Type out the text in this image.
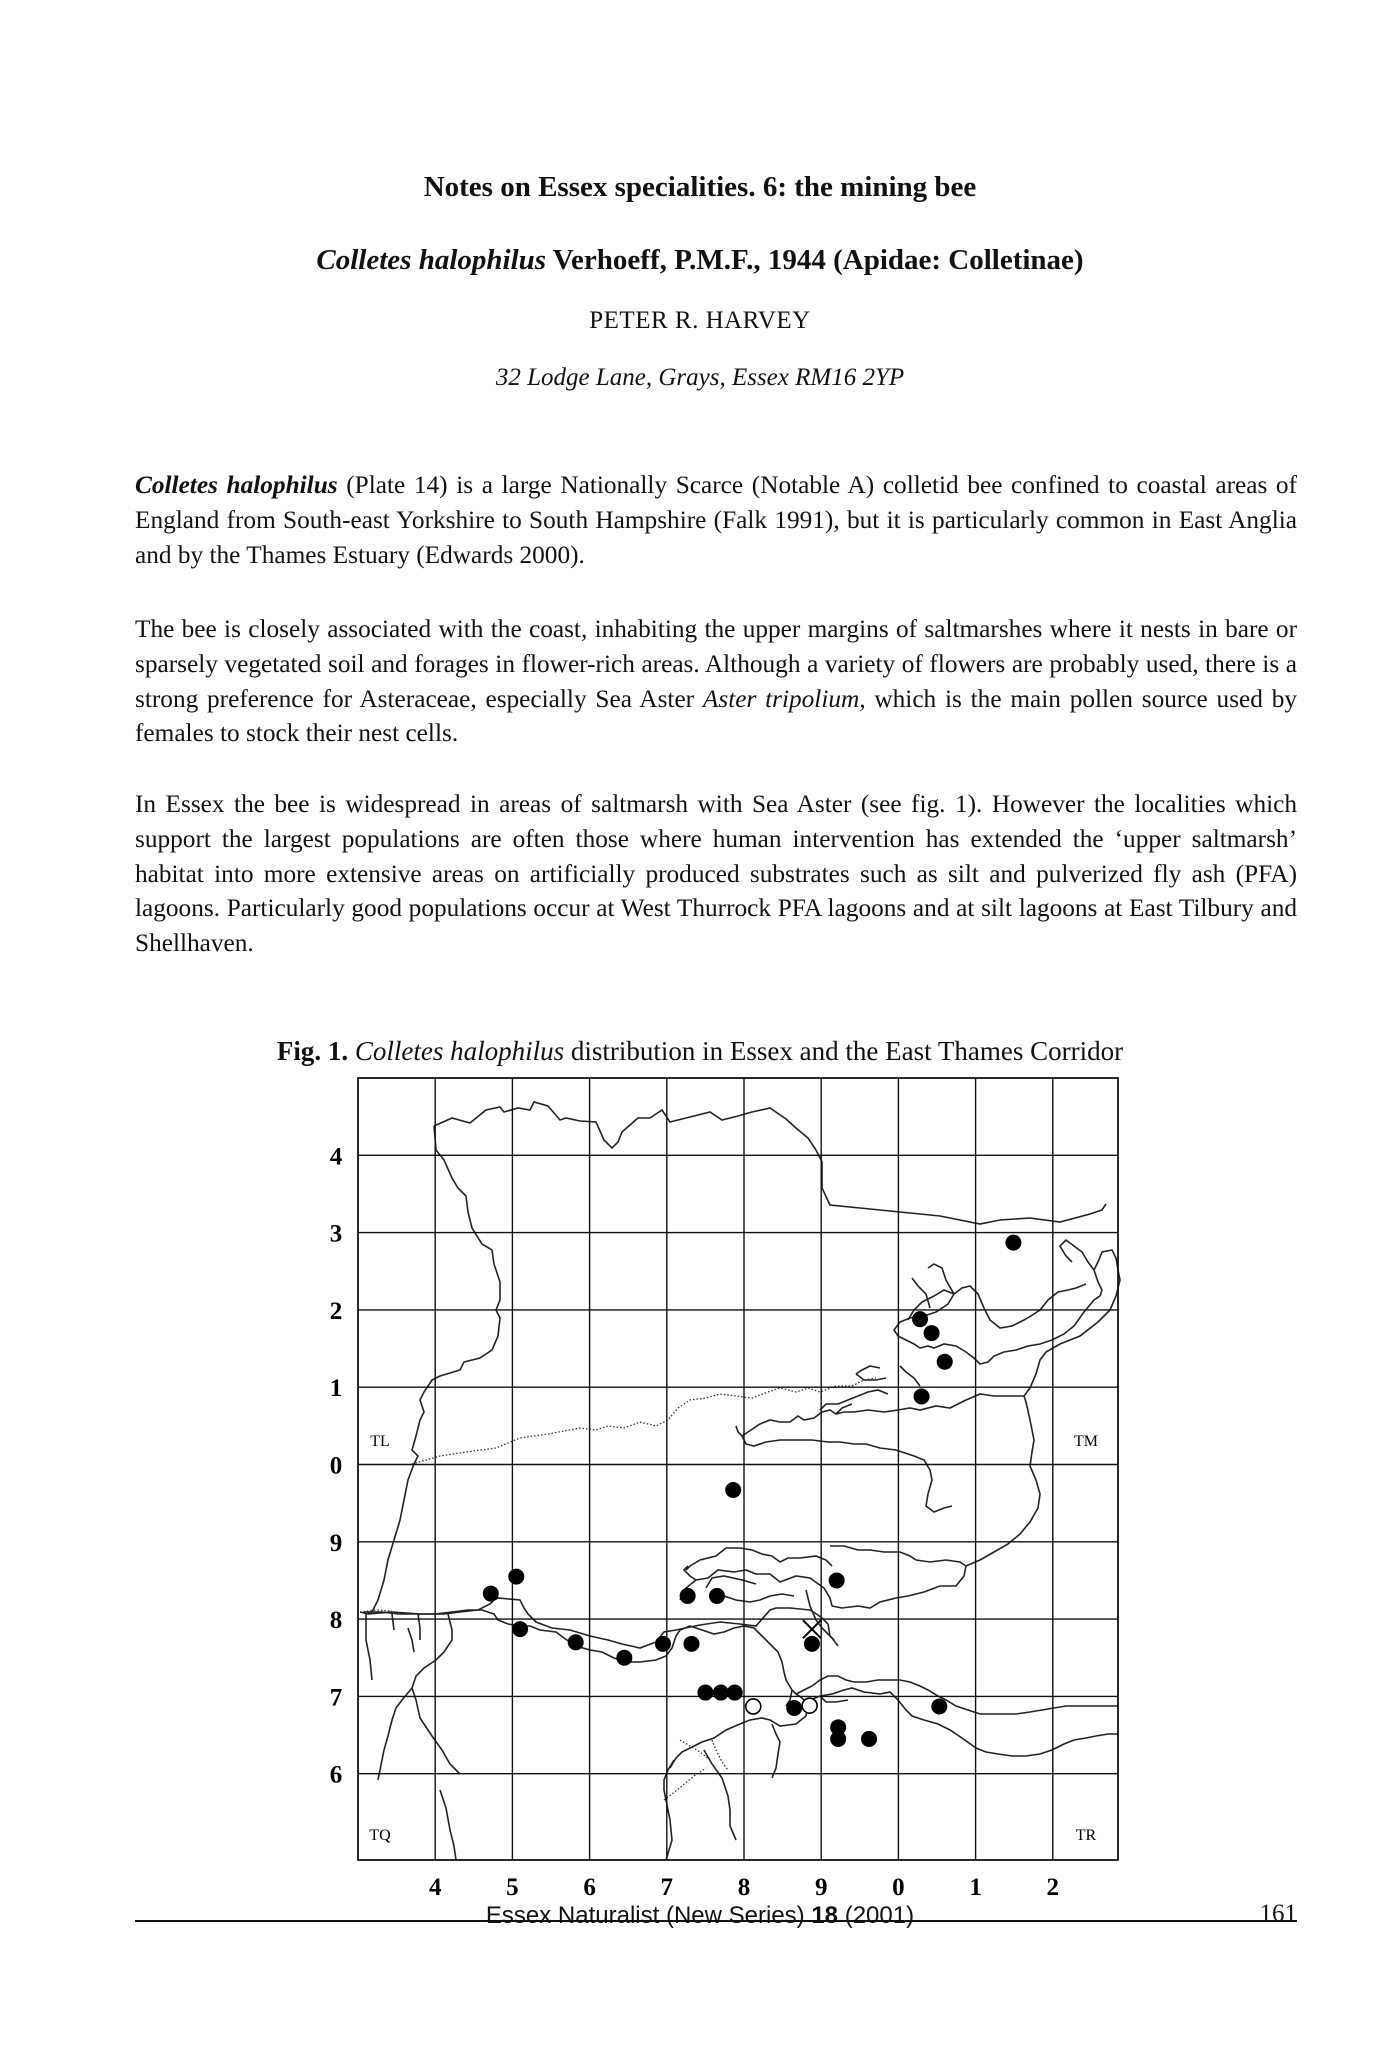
Notes on Essex specialities. 6: the mining bee
Colletes halophilus Verhoeff, P.M.F., 1944 (Apidae: Colletinae)
PETER R. HARVEY
32 Lodge Lane, Grays, Essex RM16 2YP
Colletes halophilus (Plate 14) is a large Nationally Scarce (Notable A) colletid bee confined to coastal areas of England from South-east Yorkshire to South Hampshire (Falk 1991), but it is particularly common in East Anglia and by the Thames Estuary (Edwards 2000).
The bee is closely associated with the coast, inhabiting the upper margins of saltmarshes where it nests in bare or sparsely vegetated soil and forages in flower-rich areas. Although a variety of flowers are probably used, there is a strong preference for Asteraceae, especially Sea Aster Aster tripolium, which is the main pollen source used by females to stock their nest cells.
In Essex the bee is widespread in areas of saltmarsh with Sea Aster (see fig. 1). However the localities which support the largest populations are often those where human intervention has extended the ‘upper saltmarsh’ habitat into more extensive areas on artificially produced substrates such as silt and pulverized fly ash (PFA) lagoons. Particularly good populations occur at West Thurrock PFA lagoons and at silt lagoons at East Tilbury and Shellhaven.
Fig. 1. Colletes halophilus distribution in Essex and the East Thames Corridor
4
3
2
1
0
9
8
7
6
4	5	6	7	8	9	0	1	2
TL	TM
TQ	TR
Essex Naturalist (New Series) 18 (2001)	161
